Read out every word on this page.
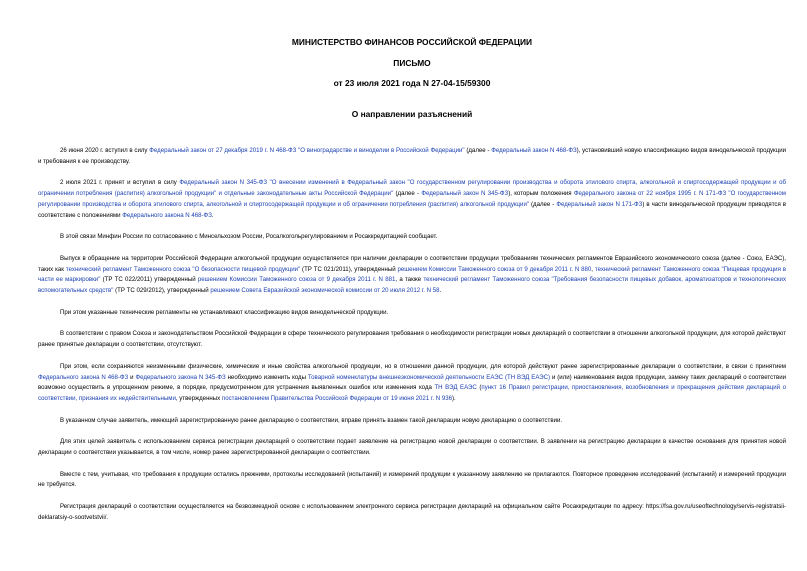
МИНИСТЕРСТВО ФИНАНСОВ РОССИЙСКОЙ ФЕДЕРАЦИИ
ПИСЬМО
от 23 июля 2021 года N 27-04-15/59300
О направлении разъяснений

26 июня 2020 г. вступил в силу Федеральный закон от 27 декабря 2019 г. N 468-ФЗ "О виноградарстве и виноделии в Российской Федерации" (далее - Федеральный закон N 468-ФЗ), установивший новую классификацию видов винодельческой продукции и требования к ее производству.

2 июля 2021 г. принят и вступил в силу Федеральный закон N 345-ФЗ "О внесении изменений в Федеральный закон "О государственном регулировании производства и оборота этилового спирта, алкогольной и спиртосодержащей продукции и об ограничении потребления (распития) алкогольной продукции" и отдельные законодательные акты Российской Федерации" (далее - Федеральный закон N 345-ФЗ), которым положения Федерального закона от 22 ноября 1995 г. N 171-ФЗ "О государственном регулировании производства и оборота этилового спирта, алкогольной и спиртосодержащей продукции и об ограничении потребления (распития) алкогольной продукции" (далее - Федеральный закон N 171-ФЗ) в части винодельческой продукции приводятся в соответствие с положениями Федерального закона N 468-ФЗ.

В этой связи Минфин России по согласованию с Минсельхозом России, Росалкогольрегулированием и Росаккредитацией сообщает.

Выпуск в обращение на территории Российской Федерации алкогольной продукции осуществляется при наличии декларации о соответствии продукции требованиям технических регламентов Евразийского экономического союза (далее - Союз, ЕАЭС), таких как технический регламент Таможенного союза "О безопасности пищевой продукции" (ТР ТС 021/2011), утвержденный решением Комиссии Таможенного союза от 9 декабря 2011 г. N 880, технический регламент Таможенного союза "Пищевая продукция в части ее маркировки" (ТР ТС 022/2011) утвержденный решением Комиссии Таможенного союза от 9 декабря 2011 г. N 881, а также технический регламент Таможенного союза "Требования безопасности пищевых добавок, ароматизаторов и технологических вспомогательных средств" (ТР ТС 029/2012), утвержденный решением Совета Евразийской экономической комиссии от 20 июля 2012 г. N 58.

При этом указанные технические регламенты не устанавливают классификацию видов винодельческой продукции.

В соответствии с правом Союза и законодательством Российской Федерации в сфере технического регулирования требования о необходимости регистрации новых деклараций о соответствии в отношении алкогольной продукции, для которой действуют ранее принятые декларации о соответствии, отсутствуют.

При этом, если сохраняются неизменными физические, химические и иные свойства алкогольной продукции, но в отношении данной продукции, для которой действуют ранее зарегистрированные декларации о соответствии, в связи с принятием Федерального закона N 468-ФЗ и Федерального закона N 345-ФЗ необходимо изменить коды Товарной номенклатуры внешнеэкономической деятельности ЕАЭС (ТН ВЭД ЕАЭС) и (или) наименования видов продукции, замену таких деклараций о соответствии возможно осуществить в упрощенном режиме, в порядке, предусмотренном для устранения выявленных ошибок или изменения кода ТН ВЭД ЕАЭС (пункт 16 Правил регистрации, приостановления, возобновления и прекращения действия деклараций о соответствии, признания их недействительными, утвержденных постановлением Правительства Российской Федерации от 19 июня 2021 г. N 936).

В указанном случае заявитель, имеющий зарегистрированную ранее декларацию о соответствии, вправе принять взамен такой декларации новую декларацию о соответствии.

Для этих целей заявитель с использованием сервиса регистрации деклараций о соответствии подает заявление на регистрацию новой декларации о соответствии. В заявлении на регистрацию декларации в качестве основания для принятия новой декларации о соответствии указывается, в том числе, номер ранее зарегистрированной декларации о соответствии.

Вместе с тем, учитывая, что требования к продукции остались прежними, протоколы исследований (испытаний) и измерений продукции к указанному заявлению не прилагаются. Повторное проведение исследований (испытаний) и измерений продукции не требуется.

Регистрация деклараций о соответствии осуществляется на безвозмездной основе с использованием электронного сервиса регистрации деклараций на официальном сайте Росаккредитации по адресу: https://fsa.gov.ru/useoftechnology/servis-registratsii-deklaratsiy-o-sootvetstvii/.
